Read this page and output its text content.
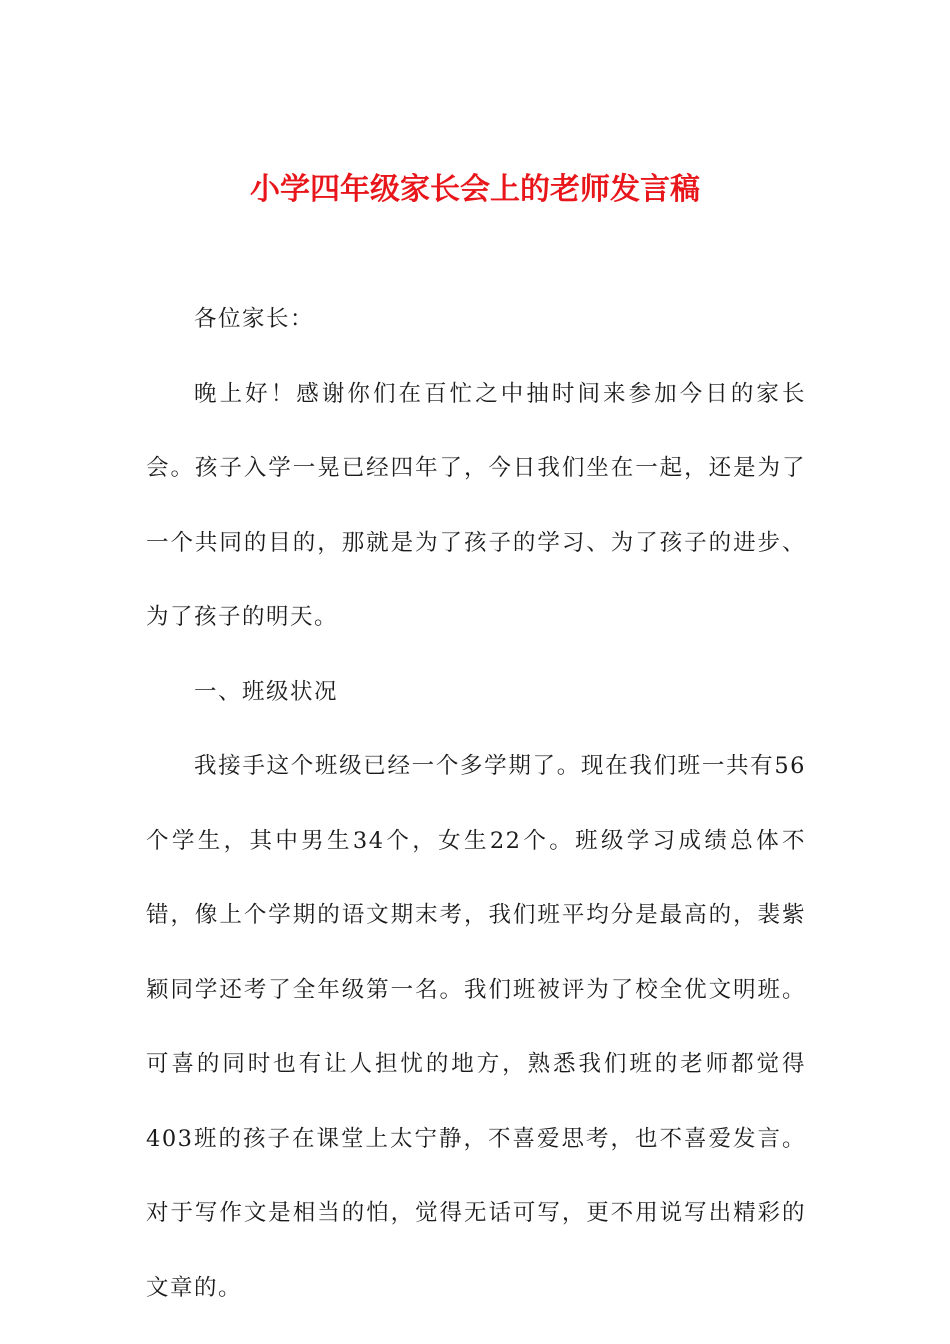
小学四年级家长会上的老师发言稿

各位家长：

晚上好！感谢你们在百忙之中抽时间来参加今日的家长会。孩子入学一晃已经四年了，今日我们坐在一起，还是为了一个共同的目的，那就是为了孩子的学习、为了孩子的进步、为了孩子的明天。

一、班级状况

我接手这个班级已经一个多学期了。现在我们班一共有56个学生，其中男生34个，女生22个。班级学习成绩总体不错，像上个学期的语文期末考，我们班平均分是最高的，裴紫颖同学还考了全年级第一名。我们班被评为了校全优文明班。可喜的同时也有让人担忧的地方，熟悉我们班的老师都觉得403班的孩子在课堂上太宁静，不喜爱思考，也不喜爱发言。对于写作文是相当的怕，觉得无话可写，更不用说写出精彩的文章的。
